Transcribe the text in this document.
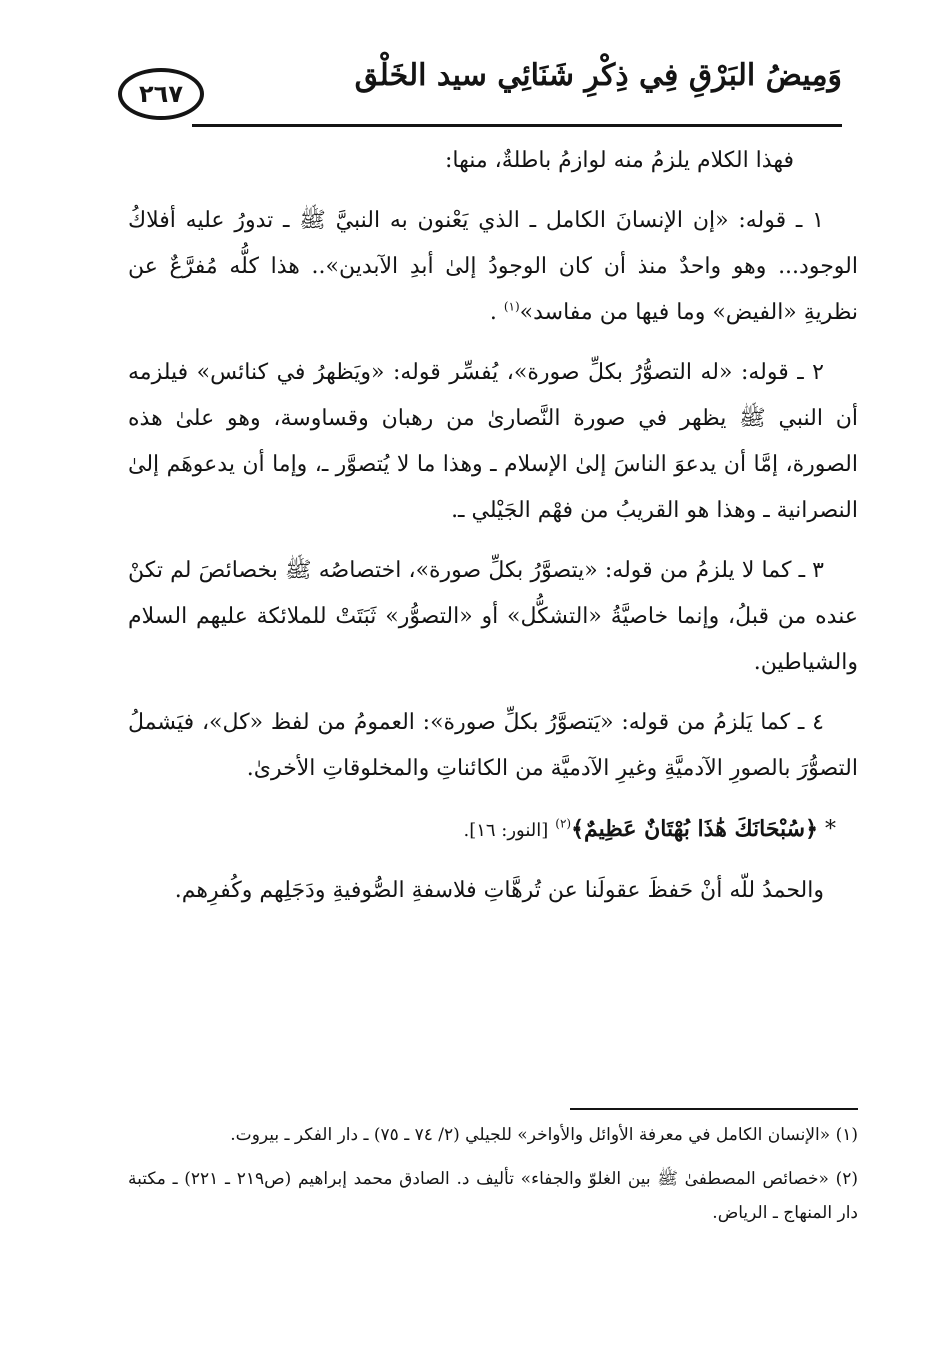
وَمِيضُ البَرْقِ فِي ذِكْرِ شَنَائِي سيد الخَلْق
٢٦٧

فهذا الكلام يلزمُ منه لوازمُ باطلةٌ، منها:

١ ـ قوله: «إن الإنسانَ الكامل ـ الذي يَعْنون به النبيَّ ﷺ ـ تدورُ عليه أفلاكُ الوجود... وهو واحدٌ منذ أن كان الوجودُ إلىٰ أبدِ الآبدين».. هذا كلُّه مُفرَّعٌ عن نظريةِ «الفيض» وما فيها من مفاسد»$^{(١)}$ .

٢ ـ قوله: «له التصوُّرُ بكلِّ صورة»، يُفسِّر قوله: «ويَظهرُ في كنائس» فيلزمه أن النبي ﷺ يظهر في صورة النَّصارىٰ من رهبان وقساوسة، وهو علىٰ هذه الصورة، إمَّا أن يدعوَ الناسَ إلىٰ الإسلام ـ وهذا ما لا يُتصوَّر ـ، وإما أن يدعوهَم إلىٰ النصرانية ـ وهذا هو القريبُ من فهْم الجَيْلي ـ.

٣ ـ كما لا يلزمُ من قوله: «يتصوَّرُ بكلِّ صورة»، اختصاصُه ﷺ بخصائصَ لم تكنْ عنده من قبلُ، وإنما خاصيَّةُ «التشكُّل» أو «التصوُّر» ثَبَتَتْ للملائكة عليهم السلام والشياطين.

٤ ـ كما يَلزمُ من قوله: «يَتصوَّرُ بكلِّ صورة»: العمومُ من لفظ «كل»، فيَشملُ التصوُّرَ بالصورِ الآدميَّةِ وغيرِ الآدميَّة من الكائناتِ والمخلوقاتِ الأخرىٰ.

* ﴿سُبْحَانَكَ هَٰذَا بُهْتَانٌ عَظِيمٌ﴾$^{(٢)}$ [النور: ١٦].

والحمدُ للّه أنْ حَفظَ عقولَنا عن تُرهَّاتِ فلاسفةِ الصُّوفيةِ ودَجَلِهم وكُفرِهم.

(١) «الإنسان الكامل في معرفة الأوائل والأواخر» للجيلي (٢/ ٧٤ ـ ٧٥) ـ دار الفكر ـ بيروت.

(٢) «خصائص المصطفىٰ ﷺ بين الغلوّ والجفاء» تأليف د. الصادق محمد إبراهيم (ص٢١٩ ـ ٢٢١) ـ مكتبة دار المنهاج ـ الرياض.
